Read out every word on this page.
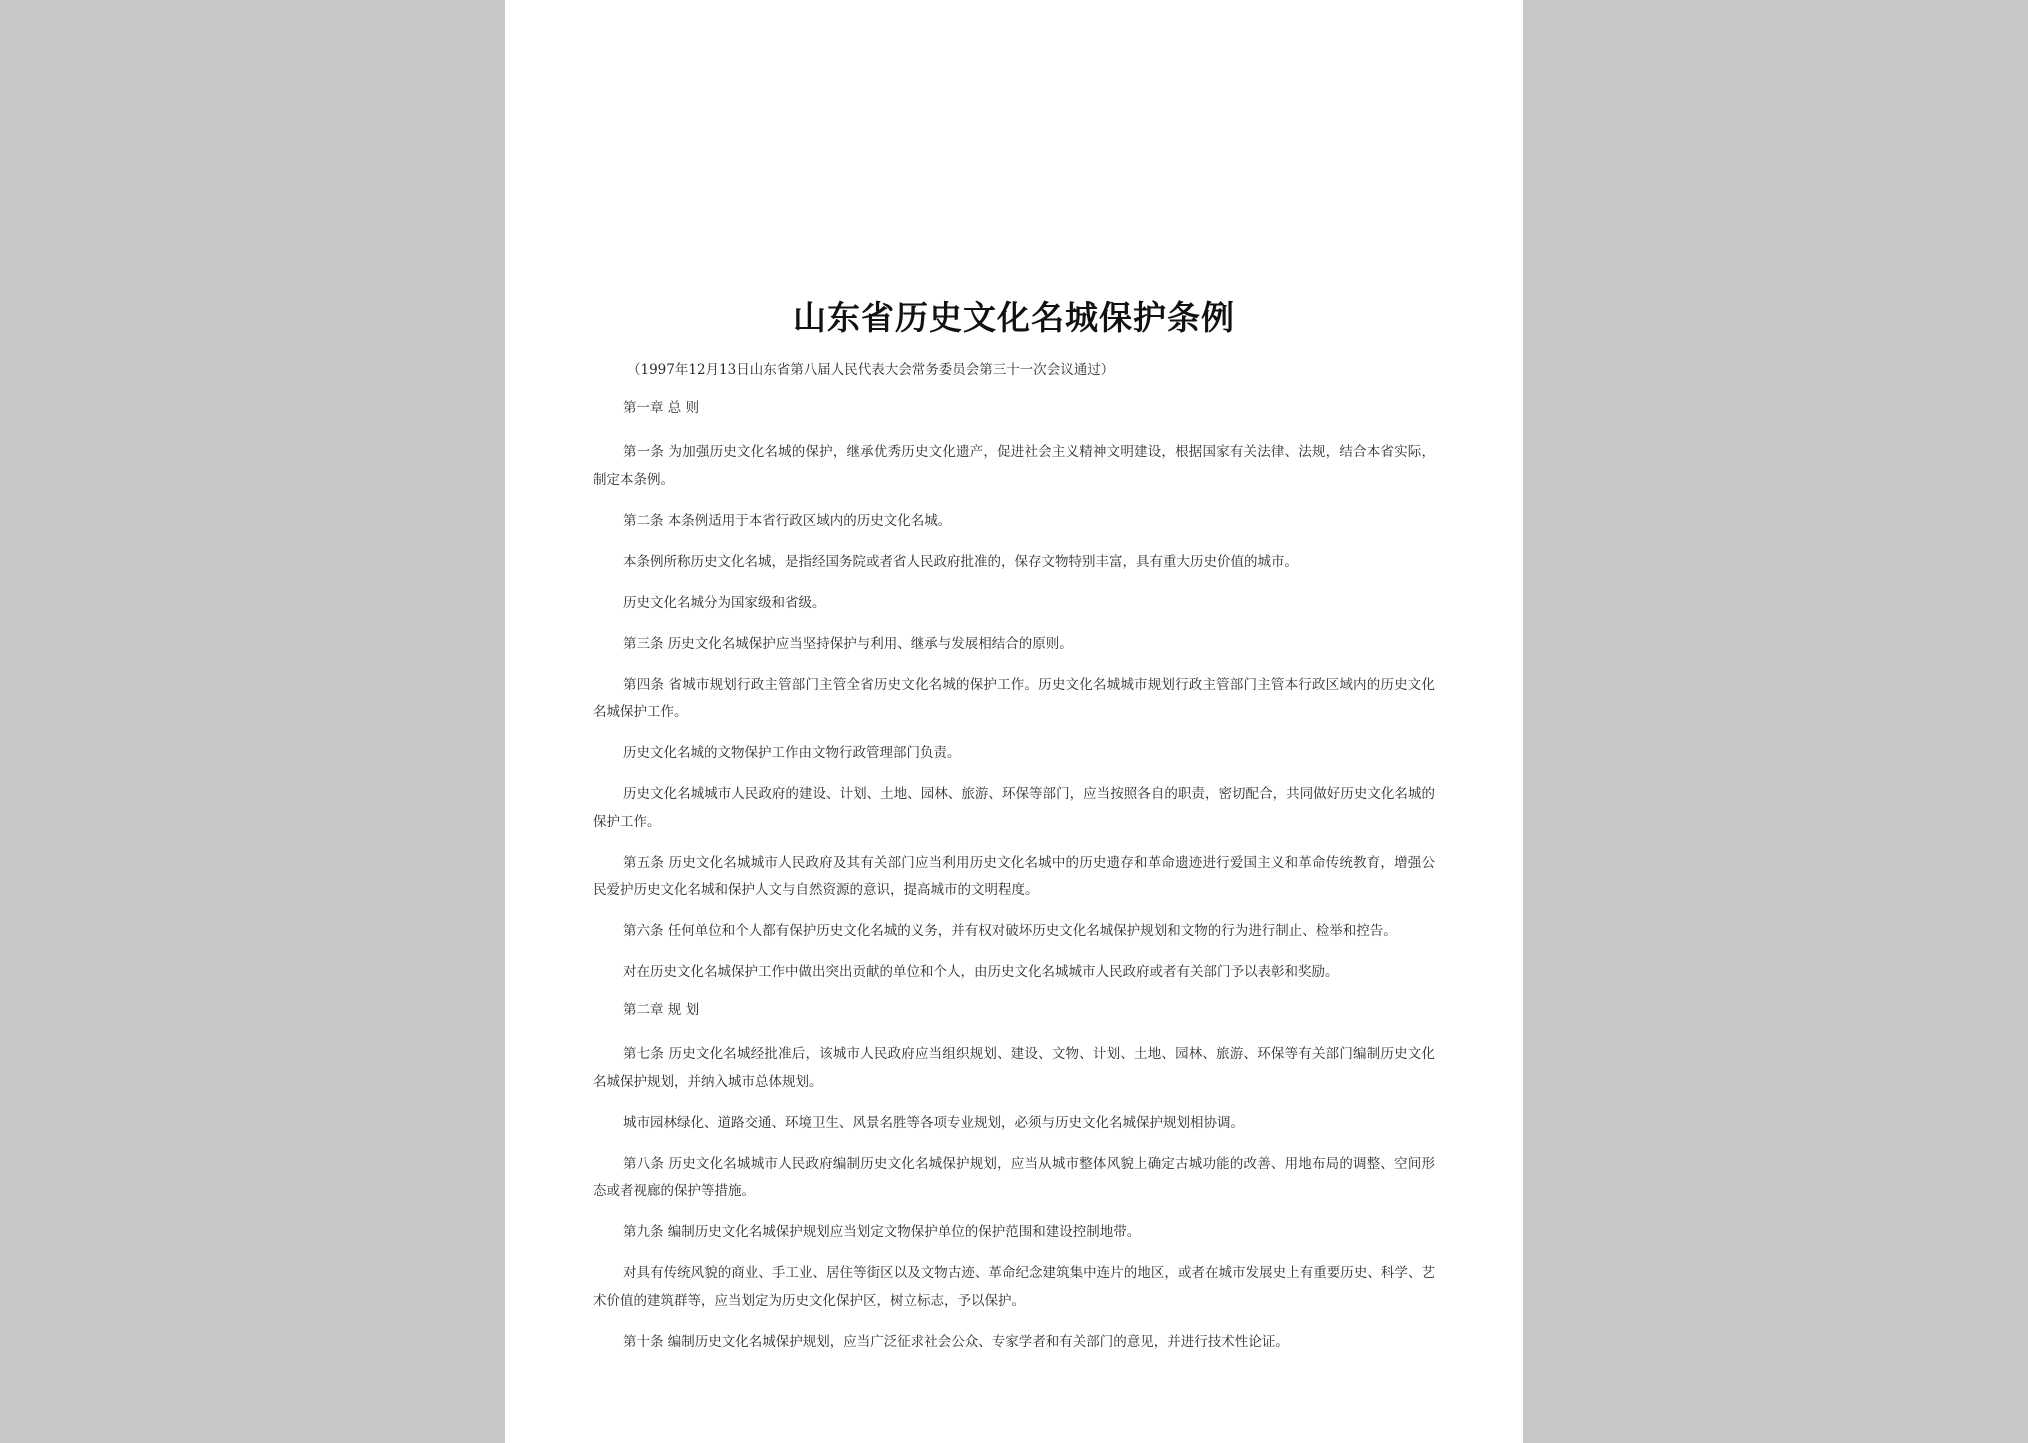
山东省历史文化名城保护条例
（1997年12月13日山东省第八届人民代表大会常务委员会第三十一次会议通过）

第一章 总 则

第一条 为加强历史文化名城的保护，继承优秀历史文化遗产，促进社会主义精神文明建设，根据国家有关法律、法规，结合本省实际，制定本条例。

第二条 本条例适用于本省行政区域内的历史文化名城。

本条例所称历史文化名城，是指经国务院或者省人民政府批准的，保存文物特别丰富，具有重大历史价值的城市。

历史文化名城分为国家级和省级。

第三条 历史文化名城保护应当坚持保护与利用、继承与发展相结合的原则。

第四条 省城市规划行政主管部门主管全省历史文化名城的保护工作。历史文化名城城市规划行政主管部门主管本行政区域内的历史文化名城保护工作。

历史文化名城的文物保护工作由文物行政管理部门负责。

历史文化名城城市人民政府的建设、计划、土地、园林、旅游、环保等部门，应当按照各自的职责，密切配合，共同做好历史文化名城的保护工作。

第五条 历史文化名城城市人民政府及其有关部门应当利用历史文化名城中的历史遗存和革命遗迹进行爱国主义和革命传统教育，增强公民爱护历史文化名城和保护人文与自然资源的意识，提高城市的文明程度。

第六条 任何单位和个人都有保护历史文化名城的义务，并有权对破坏历史文化名城保护规划和文物的行为进行制止、检举和控告。

对在历史文化名城保护工作中做出突出贡献的单位和个人，由历史文化名城城市人民政府或者有关部门予以表彰和奖励。

第二章 规 划

第七条 历史文化名城经批准后，该城市人民政府应当组织规划、建设、文物、计划、土地、园林、旅游、环保等有关部门编制历史文化名城保护规划，并纳入城市总体规划。

城市园林绿化、道路交通、环境卫生、风景名胜等各项专业规划，必须与历史文化名城保护规划相协调。

第八条 历史文化名城城市人民政府编制历史文化名城保护规划，应当从城市整体风貌上确定古城功能的改善、用地布局的调整、空间形态或者视廊的保护等措施。

第九条 编制历史文化名城保护规划应当划定文物保护单位的保护范围和建设控制地带。

对具有传统风貌的商业、手工业、居住等街区以及文物古迹、革命纪念建筑集中连片的地区，或者在城市发展史上有重要历史、科学、艺术价值的建筑群等，应当划定为历史文化保护区，树立标志，予以保护。

第十条 编制历史文化名城保护规划，应当广泛征求社会公众、专家学者和有关部门的意见，并进行技术性论证。
